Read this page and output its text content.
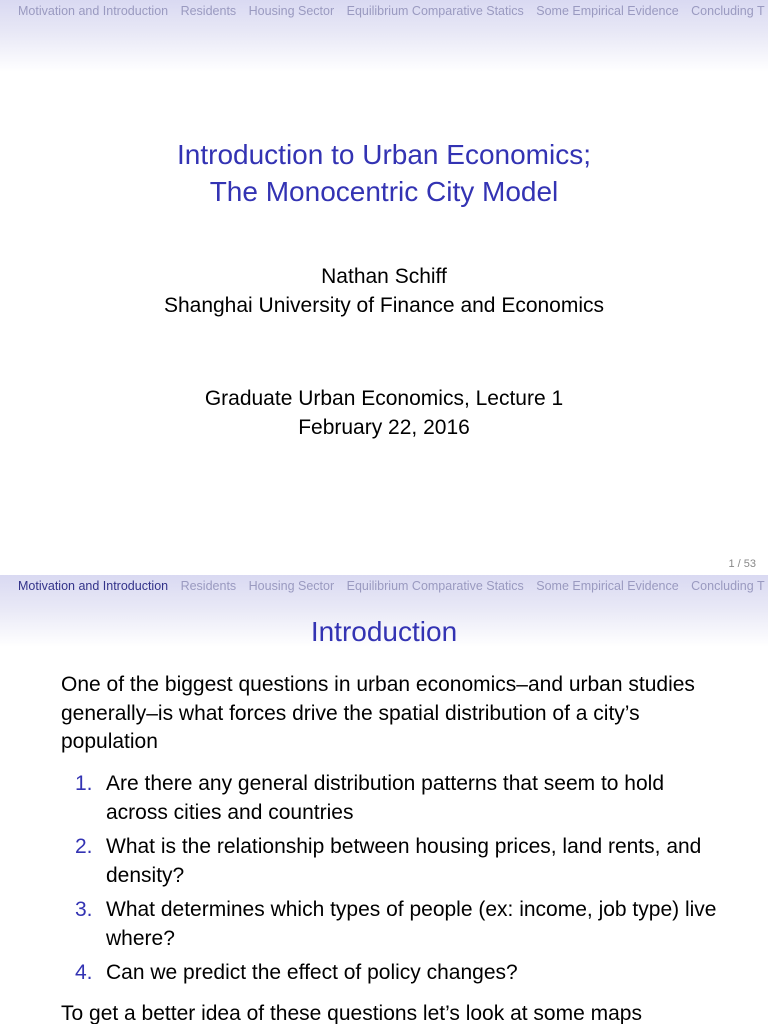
Motivation and Introduction Residents Housing Sector Equilibrium Comparative Statics Some Empirical Evidence Concluding T
Introduction to Urban Economics;
The Monocentric City Model
Nathan Schiff
Shanghai University of Finance and Economics
Graduate Urban Economics, Lecture 1
February 22, 2016
1 / 53
Motivation and Introduction Residents Housing Sector Equilibrium Comparative Statics Some Empirical Evidence Concluding T
Introduction
One of the biggest questions in urban economics–and urban studies generally–is what forces drive the spatial distribution of a city’s population
1. Are there any general distribution patterns that seem to hold across cities and countries
2. What is the relationship between housing prices, land rents, and density?
3. What determines which types of people (ex: income, job type) live where?
4. Can we predict the effect of policy changes?
To get a better idea of these questions let’s look at some maps
